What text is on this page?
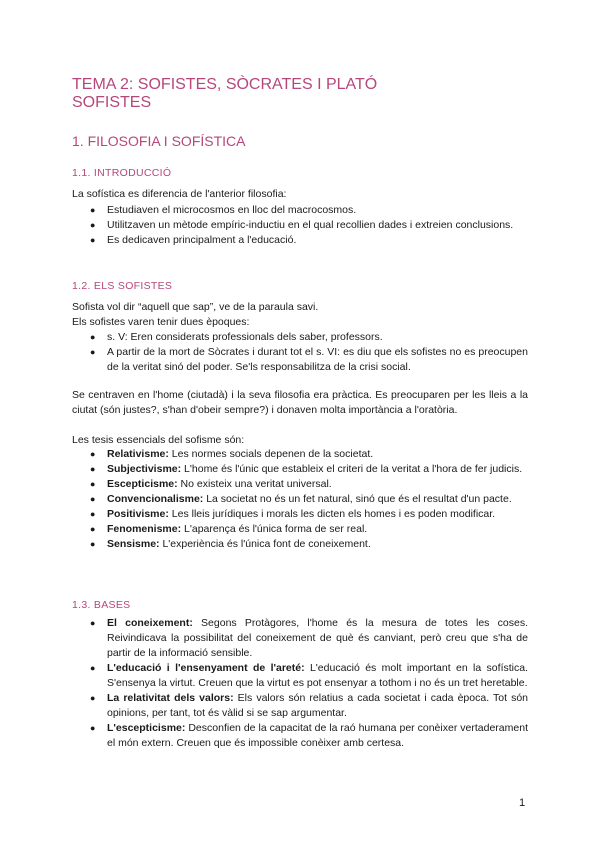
TEMA 2: SOFISTES, SÒCRATES I PLATÓ
SOFISTES
1. FILOSOFIA I SOFÍSTICA
1.1. INTRODUCCIÓ

La sofística es diferencia de l'anterior filosofia:

● Estudiaven el microcosmos en lloc del macrocosmos.
● Utilitzaven un mètode empíric-inductiu en el qual recollien dades i extreien conclusions.
● Es dedicaven principalment a l'educació.
1.2. ELS SOFISTES

Sofista vol dir “aquell que sap”, ve de la paraula savi.

Els sofistes varen tenir dues èpoques:

● s. V: Eren considerats professionals dels saber, professors.
● A partir de la mort de Sòcrates i durant tot el s. VI: es diu que els sofistes no es preocupen de la veritat sinó del poder. Se'ls responsabilitza de la crisi social.

Se centraven en l'home (ciutadà) i la seva filosofia era pràctica. Es preocuparen per les lleis a la ciutat (són justes?, s'han d'obeir sempre?) i donaven molta importància a l'oratòria.

Les tesis essencials del sofisme són:

● Relativisme: Les normes socials depenen de la societat.
● Subjectivisme: L'home és l'únic que estableix el criteri de la veritat a l'hora de fer judicis.
● Escepticisme: No existeix una veritat universal.
● Convencionalisme: La societat no és un fet natural, sinó que és el resultat d'un pacte.
● Positivisme: Les lleis jurídiques i morals les dicten els homes i es poden modificar.
● Fenomenisme: L'aparença és l'única forma de ser real.
● Sensisme: L'experiència és l'única font de coneixement.
1.3. BASES
● El coneixement: Segons Protàgores, l'home és la mesura de totes les coses. Reivindicava la possibilitat del coneixement de què és canviant, però creu que s'ha de partir de la informació sensible.
● L'educació i l'ensenyament de l'areté: L'educació és molt important en la sofística. S'ensenya la virtut. Creuen que la virtut es pot ensenyar a tothom i no és un tret heretable.
● La relativitat dels valors: Els valors són relatius a cada societat i cada època. Tot són opinions, per tant, tot és vàlid si se sap argumentar.
● L'escepticisme: Desconfien de la capacitat de la raó humana per conèixer vertaderament el món extern. Creuen que és impossible conèixer amb certesa.
1
